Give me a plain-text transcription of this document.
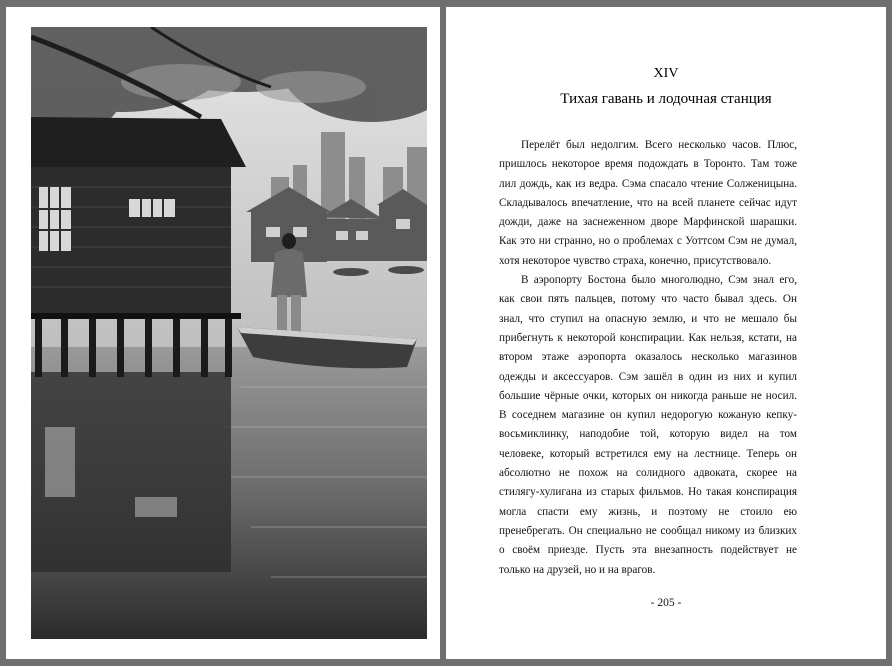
XIV
Тихая гавань и лодочная станция

Перелёт был недолгим. Всего несколько часов. Плюс, пришлось некоторое время подождать в Торонто. Там тоже лил дождь, как из ведра. Сэма спасало чтение Солженицына. Складывалось впечатление, что на всей планете сейчас идут дожди, даже на заснеженном дворе Марфинской шарашки. Как это ни странно, но о проблемах с Уоттсом Сэм не думал, хотя некоторое чувство страха, конечно, присутствовало.

В аэропорту Бостона было многолюдно, Сэм знал его, как свои пять пальцев, потому что часто бывал здесь. Он знал, что ступил на опасную землю, и что не мешало бы прибегнуть к некоторой конспирации. Как нельзя, кстати, на втором этаже аэропорта оказалось несколько магазинов одежды и аксессуаров. Сэм зашёл в один из них и купил большие чёрные очки, которых он никогда раньше не носил. В соседнем магазине он купил недорогую кожаную кепку-восьмиклинку, наподобие той, которую видел на том человеке, который встретился ему на лестнице. Теперь он абсолютно не похож на солидного адвоката, скорее на стилягу-хулигана из старых фильмов. Но такая конспирация могла спасти ему жизнь, и поэтому не стоило ею пренебрегать. Он специально не сообщал никому из близких о своём приезде. Пусть эта внезапность подействует не только на друзей, но и на врагов.

- 205 -
